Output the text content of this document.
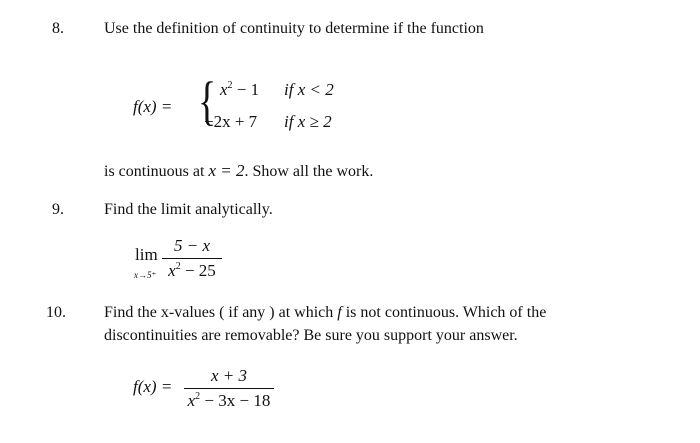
8.	Use the definition of continuity to determine if the function
f(x) = { $x^2 - 1$ if x < 2
−2x + 7 if x ≥ 2
is continuous at x = 2. Show all the work.
9.	Find the limit analytically.
lim
x→5⁺
5 − x
$x^2 - 25$
10. Find the x-values ( if any ) at which f is not continuous. Which of the
discontinuities are removable? Be sure you support your answer.
f(x) =
x + 3
$x^2 - 3x - 18$
